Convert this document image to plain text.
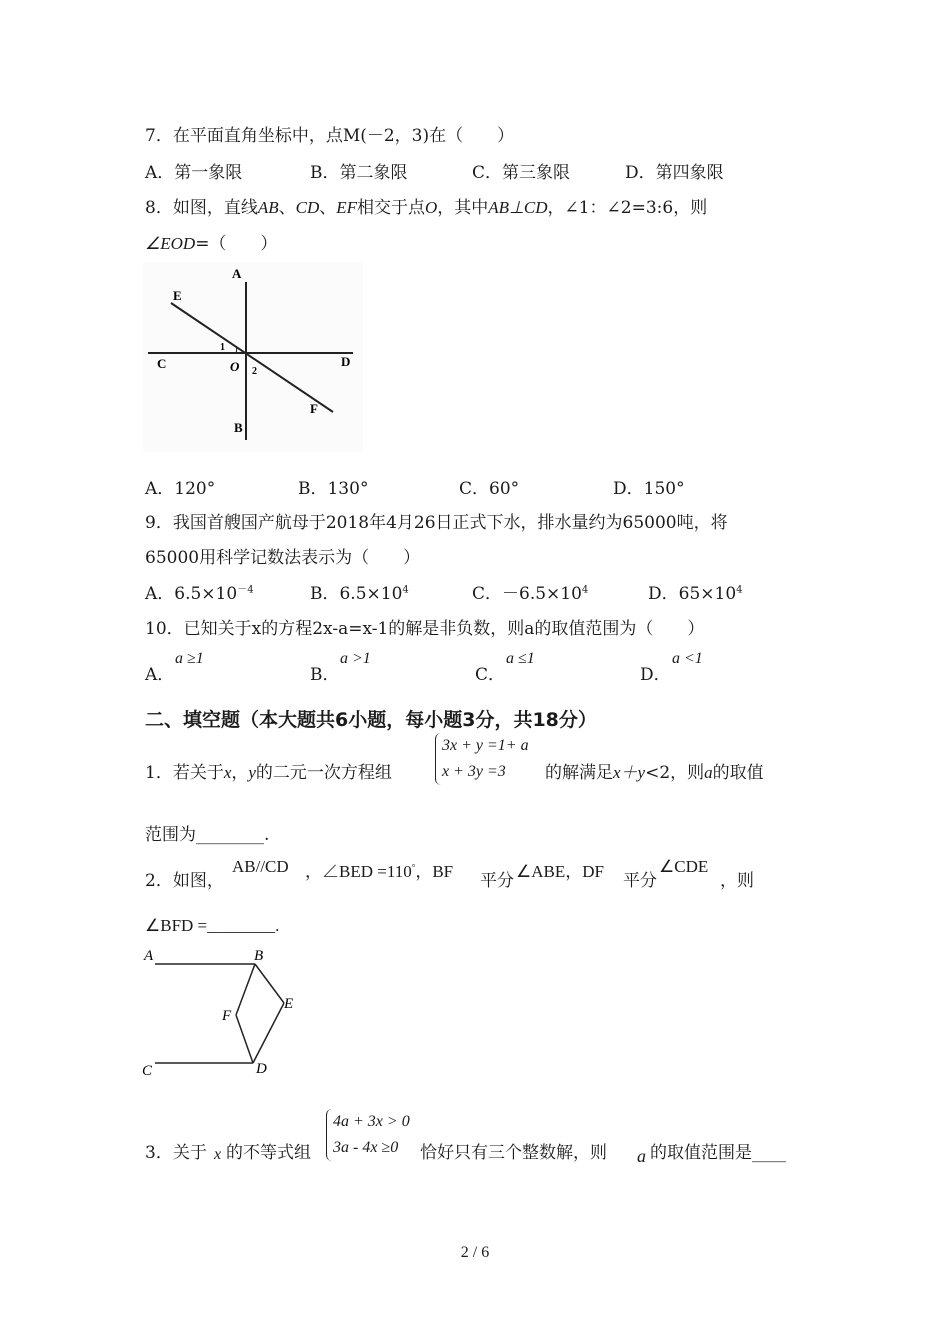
7．在平面直角坐标中，点M(－2，3)在（　　）
A．第一象限	B．第二象限	C．第三象限	D．第四象限
8．如图，直线AB、CD、EF相交于点O，其中AB⊥CD，∠1：∠2=3:6，则
∠EOD=（　　）
A
B
C	D
E
F
O
1
2
A．120°	B．130°	C．60°	D．150°
9．我国首艘国产航母于2018年4月26日正式下水，排水量约为65000吨，将
65000用科学记数法表示为（　　）
A．$6.5\times 10^{-4}$	B．$6.5\times 10^4$	C．$-6.5\times 10^4$	D．$65\times 10^4$
10．已知关于x的方程2x-a=x-1的解是非负数，则a的取值范围为（　　）
A．
a ≥1
B．
a >1
C．
a ≤1
D．
a <1
二、填空题（本大题共6小题，每小题3分，共18分）
1．若关于x，y的二元一次方程组
3x + y =1+ a
x + 3y =3	的解满足x＋y<2，则a的取值
范围为________.
2．如图，
AB//CD ，∠BED =110°，BF 平分 ∠ABE，DF 平分
∠CDE
，则
∠BFD =________.
A	B
C	D
E
F
3．关于 x 的不等式组
4a + 3x > 0
3a - 4x ≥0	恰好只有三个整数解，则 a 的取值范围是____
2 / 6
